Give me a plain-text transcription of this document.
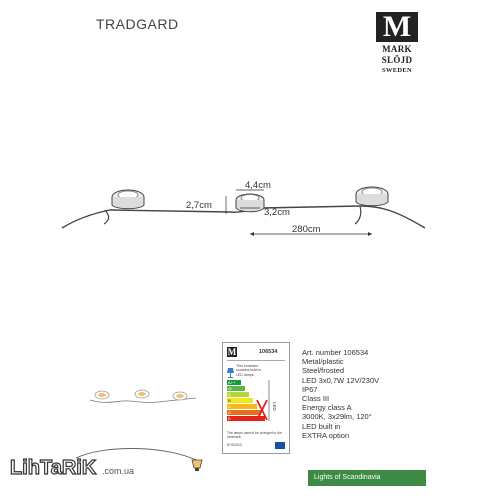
TRADGARD	M
MARK
SLÖJD
SWEDEN
4,4cm
2,7cm
3,2cm
280cm
M	106534
This luminaire
contains built-in
LED lamps.
A++
A+
A
B
C
D
E
LED
The lamps cannot be changed in the luminaire.
874/2012
Art. number 106534
Metal/plastic
Steel/frosted
LED 3x0,7W 12V/230V
IP67
Class III
Energy class A
3000K, 3x29lm, 120°
LED built in
EXTRA option
LihTaRiK .com.ua
Lights of Scandinavia
